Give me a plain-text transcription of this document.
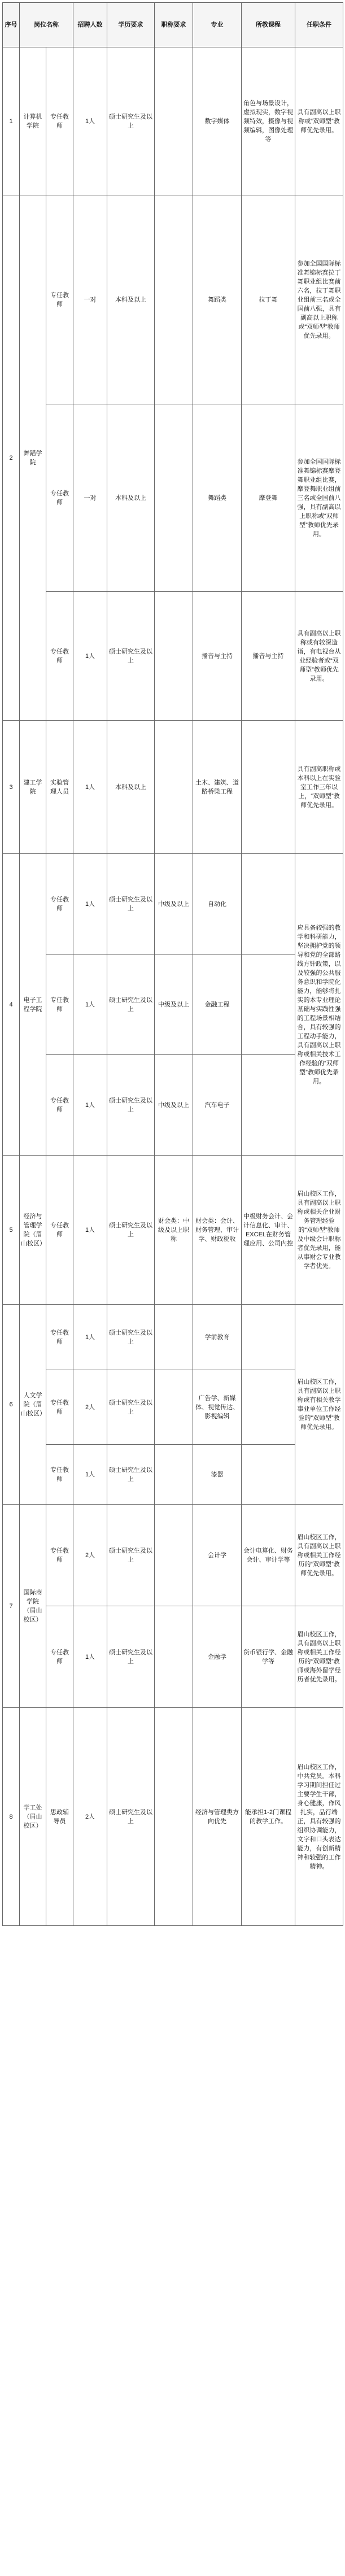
序号	岗位名称		招聘人数	学历要求	职称要求	专业	所教课程	任职条件
1	计算机学院	专任教师	1人	硕士研究生及以上		数字媒体	角色与场景设计，虚拟现实，数字视频特效，摄像与视频编辑，图像处理等	具有副高以上职称或“双师型”教师优先录用。
2	舞蹈学院	专任教师	一对	本科及以上		舞蹈类	拉丁舞	参加全国国际标准舞锦标赛拉丁舞职业组比赛前六名，拉丁舞职业组前三名或全国前八强，具有副高以上职称或“双师型”教师优先录用。
		专任教师	一对	本科及以上		舞蹈类	摩登舞	参加全国国际标准舞锦标赛摩登舞职业组比赛，摩登舞职业组前三名或全国前八强，具有副高以上职称或“双师型”教师优先录用。
		专任教师	1人	硕士研究生及以上		播音与主持	播音与主持	具有副高以上职称或有较深造诣，有电视台从业经验者或“双师型”教师优先录用。
3	建工学院	实验管理人员	1人	本科及以上		土木、建筑、道路桥梁工程		具有副高职称或本科以上在实验室工作三年以上，“双师型”教师优先录用。
4	电子工程学院	专任教师	1人	硕士研究生及以上	中级及以上	自动化		应具备较强的教学和科研能力，坚决拥护党的领导和党的全部路线方针政策，以及较强的公共服务意识和学院化能力，能够将扎实的本专业理论基础与实践性强的工程场景相结合，具有较强的工程动手能力，具有副高以上职称或相关技术工作经验的“双师型”教师优先录用。
		专任教师	1人	硕士研究生及以上	中级及以上	金融工程		
		专任教师	1人	硕士研究生及以上	中级及以上	汽车电子		
5	经济与管理学院（眉山校区）	专任教师	1人	硕士研究生及以上	财会类：中级及以上职称	财会类：会计、财务管理、审计学、财政税收	中级财务会计、会计信息化、审计、EXCEL在财务管理应用、公司内控	眉山校区工作，具有副高以上职称或相关企业财务管理经验的“双师型”教师及中级会计职称者优先录用，能从事财会专业教学者优先。
6	人文学院（眉山校区）	专任教师	1人	硕士研究生及以上		学前教育		眉山校区工作，具有副高以上职称或有相关教学事业单位工作经验的“双师型”教师优先录用。
		专任教师	2人	硕士研究生及以上		广告学、新媒体、视觉传达、影视编辑		
		专任教师	1人	硕士研究生及以上		漆器		
7	国际商学院（眉山校区）	专任教师	2人	硕士研究生及以上		会计学	会计电算化、财务会计、审计学等	眉山校区工作，具有副高以上职称或相关工作经历的“双师型”教师优先录用。
		专任教师	1人	硕士研究生及以上		金融学	货币银行学、金融学等	眉山校区工作，具有副高以上职称或相关工作经历的“双师型”教师或海外留学经历者优先录用。
8	学工处（眉山校区）	思政辅导员	2人	硕士研究生及以上		经济与管理类方向优先	能承担1-2门课程的教学工作。	眉山校区工作，中共党员。本科学习期间担任过主要学生干部，身心健康，作风扎实，品行端正，具有较强的组织协调能力，文字和口头表达能力，有创新精神和较强的工作精神。
